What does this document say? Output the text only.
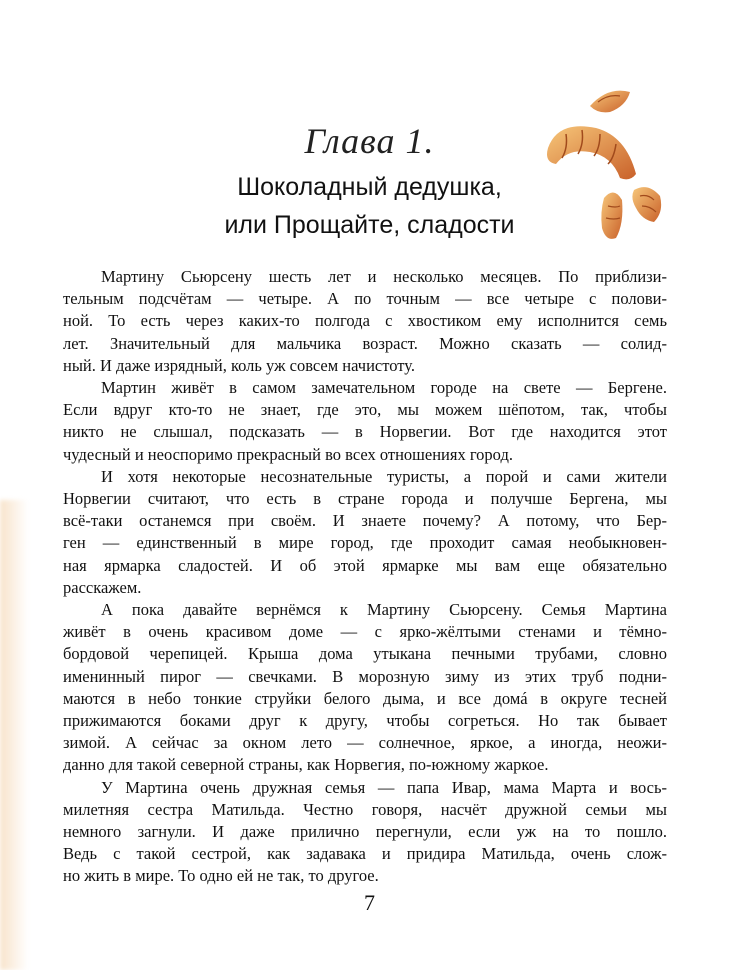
Глава 1.
Шоколадный дедушка,
или Прощайте, сладости

Мартину Сьюрсену шесть лет и несколько месяцев. По приблизи-
тельным подсчётам — четыре. А по точным — все четыре с полови-
ной. То есть через каких-то полгода с хвостиком ему исполнится семь
лет. Значительный для мальчика возраст. Можно сказать — солид-
ный. И даже изрядный, коль уж совсем начистоту.

Мартин живёт в самом замечательном городе на свете — Бергене.
Если вдруг кто-то не знает, где это, мы можем шёпотом, так, чтобы
никто не слышал, подсказать — в Норвегии. Вот где находится этот
чудесный и неоспоримо прекрасный во всех отношениях город.

И хотя некоторые несознательные туристы, а порой и сами жители
Норвегии считают, что есть в стране города и получше Бергена, мы
всё-таки останемся при своём. И знаете почему? А потому, что Бер-
ген — единственный в мире город, где проходит самая необыкновен-
ная ярмарка сладостей. И об этой ярмарке мы вам еще обязательно
расскажем.

А пока давайте вернёмся к Мартину Сьюрсену. Семья Мартина
живёт в очень красивом доме — с ярко-жёлтыми стенами и тёмно-
бордовой черепицей. Крыша дома утыкана печными трубами, словно
именинный пирог — свечками. В морозную зиму из этих труб подни-
маются в небо тонкие струйки белого дыма, и все домá в округе тесней
прижимаются боками друг к другу, чтобы согреться. Но так бывает
зимой. А сейчас за окном лето — солнечное, яркое, а иногда, неожи-
данно для такой северной страны, как Норвегия, по-южному жаркое.

У Мартина очень дружная семья — папа Ивар, мама Марта и вось-
милетняя сестра Матильда. Честно говоря, насчёт дружной семьи мы
немного загнули. И даже прилично перегнули, если уж на то пошло.
Ведь с такой сестрой, как задавака и придира Матильда, очень слож-
но жить в мире. То одно ей не так, то другое.

7
